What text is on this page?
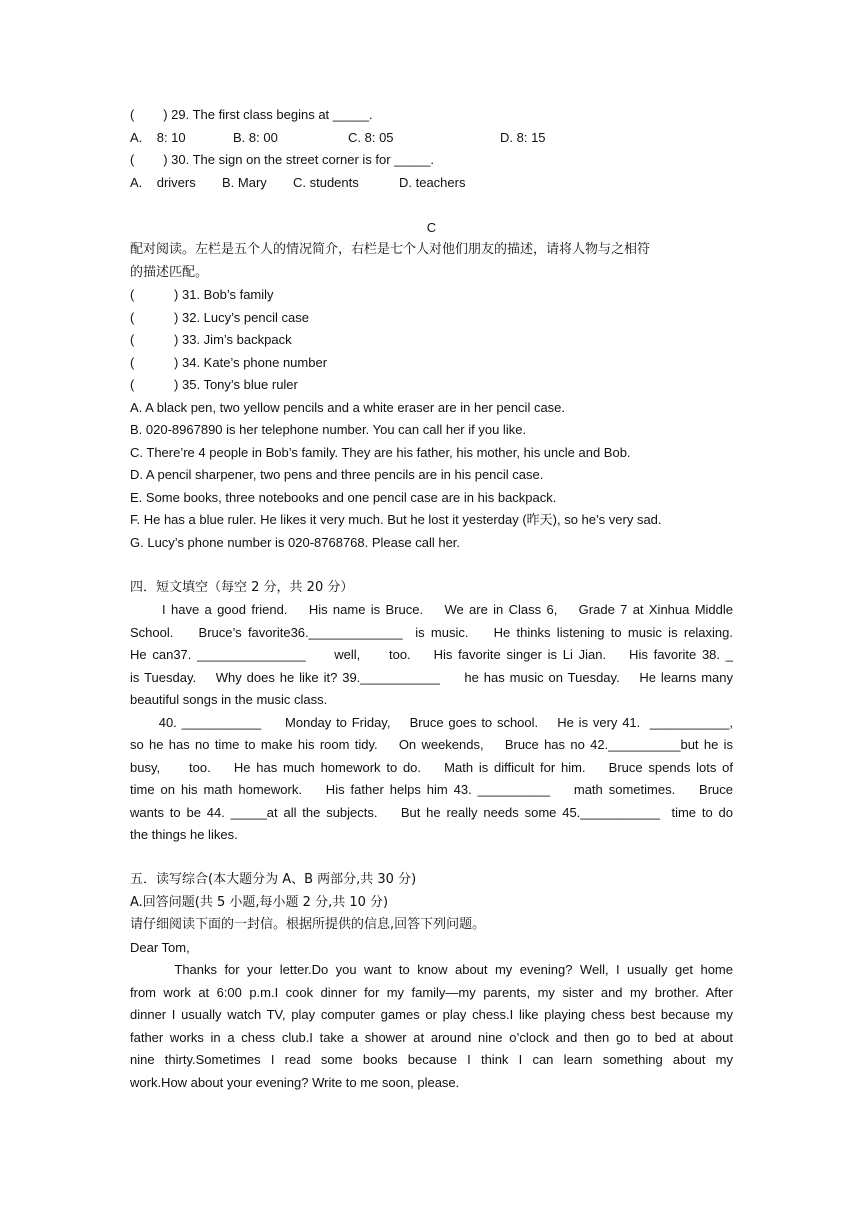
(        ) 29. The first class begins at _____.
A.    8: 10	B. 8: 00	C. 8: 05	D. 8: 15
(        ) 30. The sign on the street corner is for _____.
A.    drivers	B. Mary	C. students	D. teachers
C
配对阅读。左栏是五个人的情况简介，右栏是七个人对他们朋友的描述，请将人物与之相符
的描述匹配。
(           ) 31. Bob’s family
(           ) 32. Lucy’s pencil case
(           ) 33. Jim’s backpack
(           ) 34. Kate’s phone number
(           ) 35. Tony’s blue ruler
A. A black pen, two yellow pencils and a white eraser are in her pencil case.
B. 020-8967890 is her telephone number. You can call her if you like.
C. There’re 4 people in Bob’s family. They are his father, his mother, his uncle and Bob.
D. A pencil sharpener, two pens and three pencils are in his pencil case.
E. Some books, three notebooks and one pencil case are in his backpack.
F. He has a blue ruler. He likes it very much. But he lost it yesterday (昨天), so he’s very sad.
G. Lucy’s phone number is 020-8768768. Please call her.
四．短文填空（每空 2 分，共 20 分）
I have a good friend.    His name is Bruce.    We are in Class 6,    Grade 7 at Xinhua Middle
School.    Bruce’s favorite36._____________  is music.    He thinks listening to music is relaxing.
He can37. _______________     well,     too.    His favorite singer is Li Jian.    His favorite 38. _
is Tuesday.    Why does he like it? 39.___________     he has music on Tuesday.    He learns many
beautiful songs in the music class.
40. ___________     Monday to Friday,    Bruce goes to school.    He is very 41.  ___________,
so he has no time to make his room tidy.    On weekends,    Bruce has no 42.__________but he is
busy,     too.    He has much homework to do.    Math is difficult for him.    Bruce spends lots of
time on his math homework.    His father helps him 43. __________    math sometimes.    Bruce
wants to be 44. _____at all the subjects.    But he really needs some 45.___________  time to do
the things he likes.
五．读写综合(本大题分为 A、B 两部分,共 30 分)
A.回答问题(共 5 小题,每小题 2 分,共 10 分)
请仔细阅读下面的一封信。根据所提供的信息,回答下列问题。
Dear Tom,
Thanks for your letter.Do you want to know about my evening? Well, I usually get home
from work at 6:00 p.m.I cook dinner for my family—my parents, my sister and my brother. After
dinner I usually watch TV, play computer games or play chess.I like playing chess best because my
father works in a chess club.I take a shower at around nine o’clock and then go to bed at about
nine thirty.Sometimes I read some books because I think I can learn something about my
work.How about your evening? Write to me soon, please.
